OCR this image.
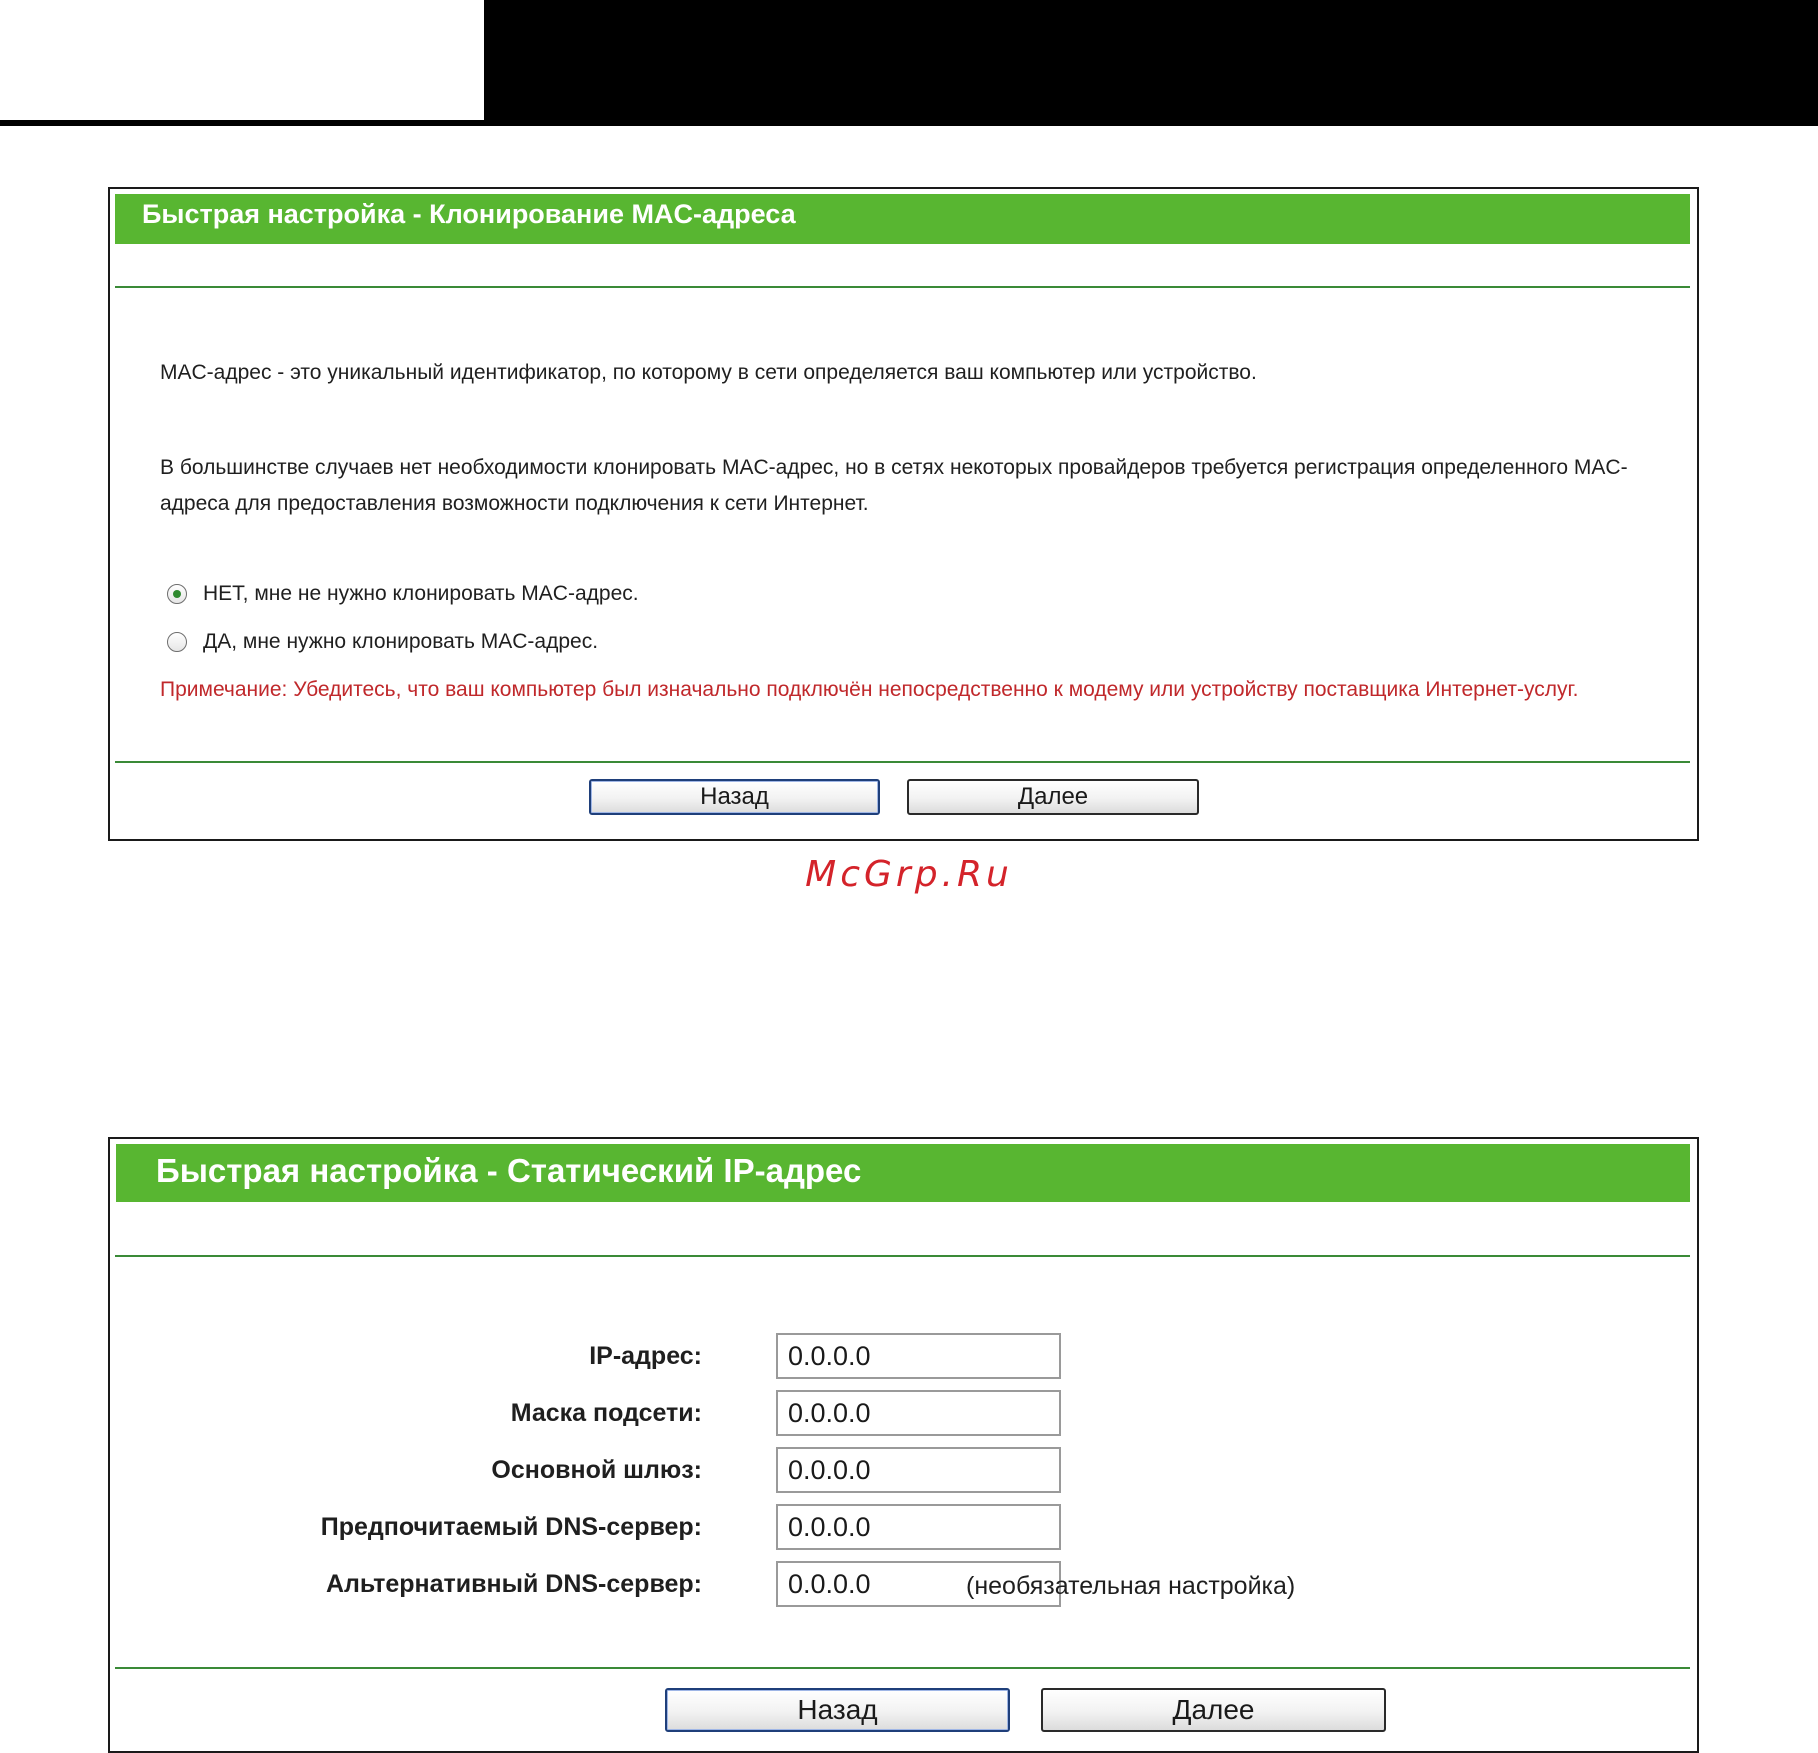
Быстрая настройка - Клонирование MAC-адреса
MAC-адрес - это уникальный идентификатор, по которому в сети определяется ваш компьютер или устройство.
В большинстве случаев нет необходимости клонировать MAC-адрес, но в сетях некоторых провайдеров требуется регистрация определенного MAC-адреса для предоставления возможности подключения к сети Интернет.
НЕТ, мне не нужно клонировать MAC-адрес.
ДА, мне нужно клонировать MAC-адрес.
Примечание: Убедитесь, что ваш компьютер был изначально подключён непосредственно к модему или устройству поставщика Интернет-услуг.
Назад	Далее
McGrp.Ru
Быстрая настройка - Статический IP-адрес
IP-адрес:
0.0.0.0
Маска подсети:
0.0.0.0
Основной шлюз:
0.0.0.0
Предпочитаемый DNS-сервер:
0.0.0.0
Альтернативный DNS-сервер:
0.0.0.0	(необязательная настройка)
Назад	Далее
